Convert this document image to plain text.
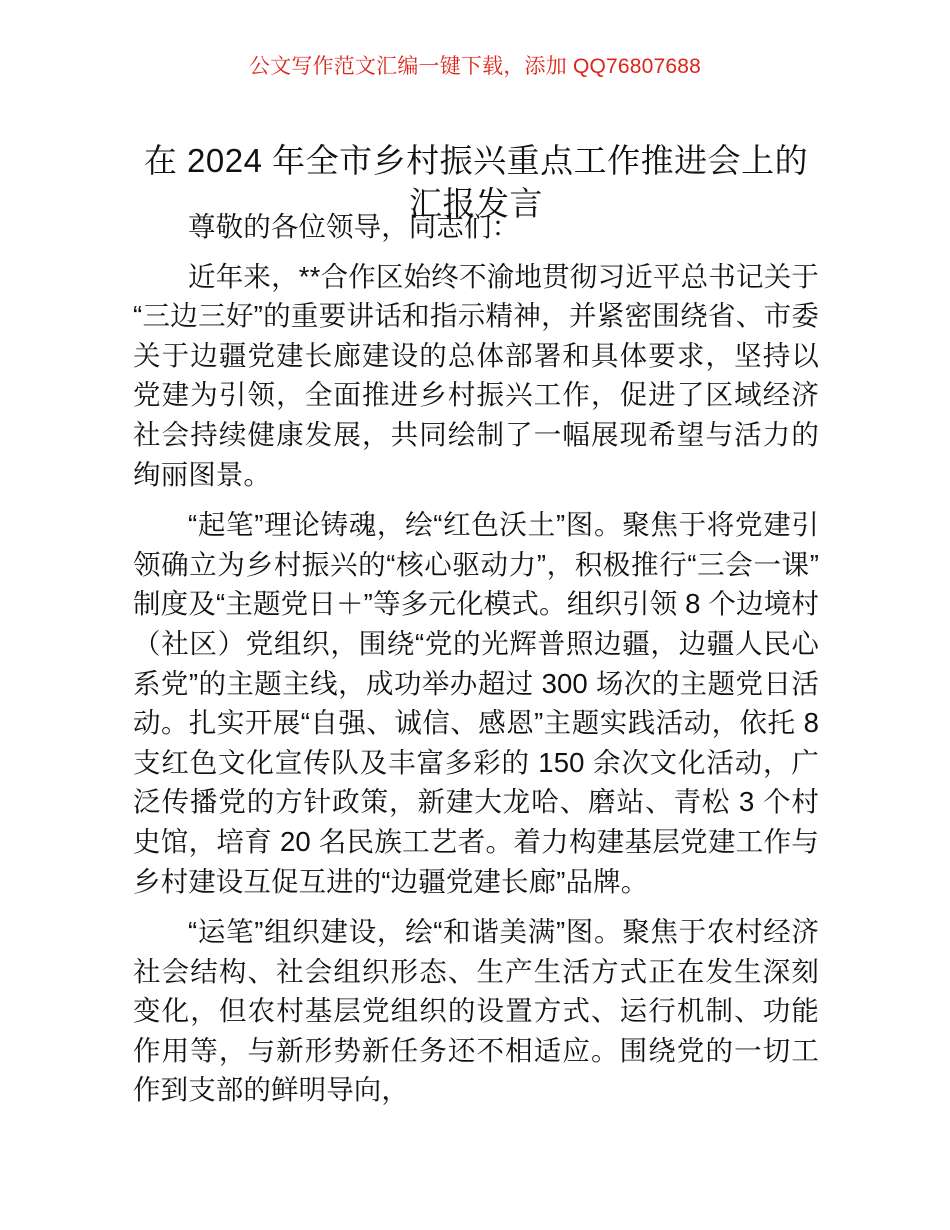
公文写作范文汇编一键下载，添加 QQ76807688
在 2024 年全市乡村振兴重点工作推进会上的汇报发言

尊敬的各位领导，同志们：

近年来，**合作区始终不渝地贯彻习近平总书记关于“三边三好”的重要讲话和指示精神，并紧密围绕省、市委关于边疆党建长廊建设的总体部署和具体要求，坚持以党建为引领，全面推进乡村振兴工作，促进了区域经济社会持续健康发展，共同绘制了一幅展现希望与活力的绚丽图景。

“起笔”理论铸魂，绘“红色沃土”图。聚焦于将党建引领确立为乡村振兴的“核心驱动力”，积极推行“三会一课”制度及“主题党日＋”等多元化模式。组织引领 8 个边境村（社区）党组织，围绕“党的光辉普照边疆，边疆人民心系党”的主题主线，成功举办超过 300 场次的主题党日活动。扎实开展“自强、诚信、感恩”主题实践活动，依托 8 支红色文化宣传队及丰富多彩的 150 余次文化活动，广泛传播党的方针政策，新建大龙哈、磨站、青松 3 个村史馆，培育 20 名民族工艺者。着力构建基层党建工作与乡村建设互促互进的“边疆党建长廊”品牌。

“运笔”组织建设，绘“和谐美满”图。聚焦于农村经济社会结构、社会组织形态、生产生活方式正在发生深刻变化，但农村基层党组织的设置方式、运行机制、功能作用等，与新形势新任务还不相适应。围绕党的一切工作到支部的鲜明导向，
